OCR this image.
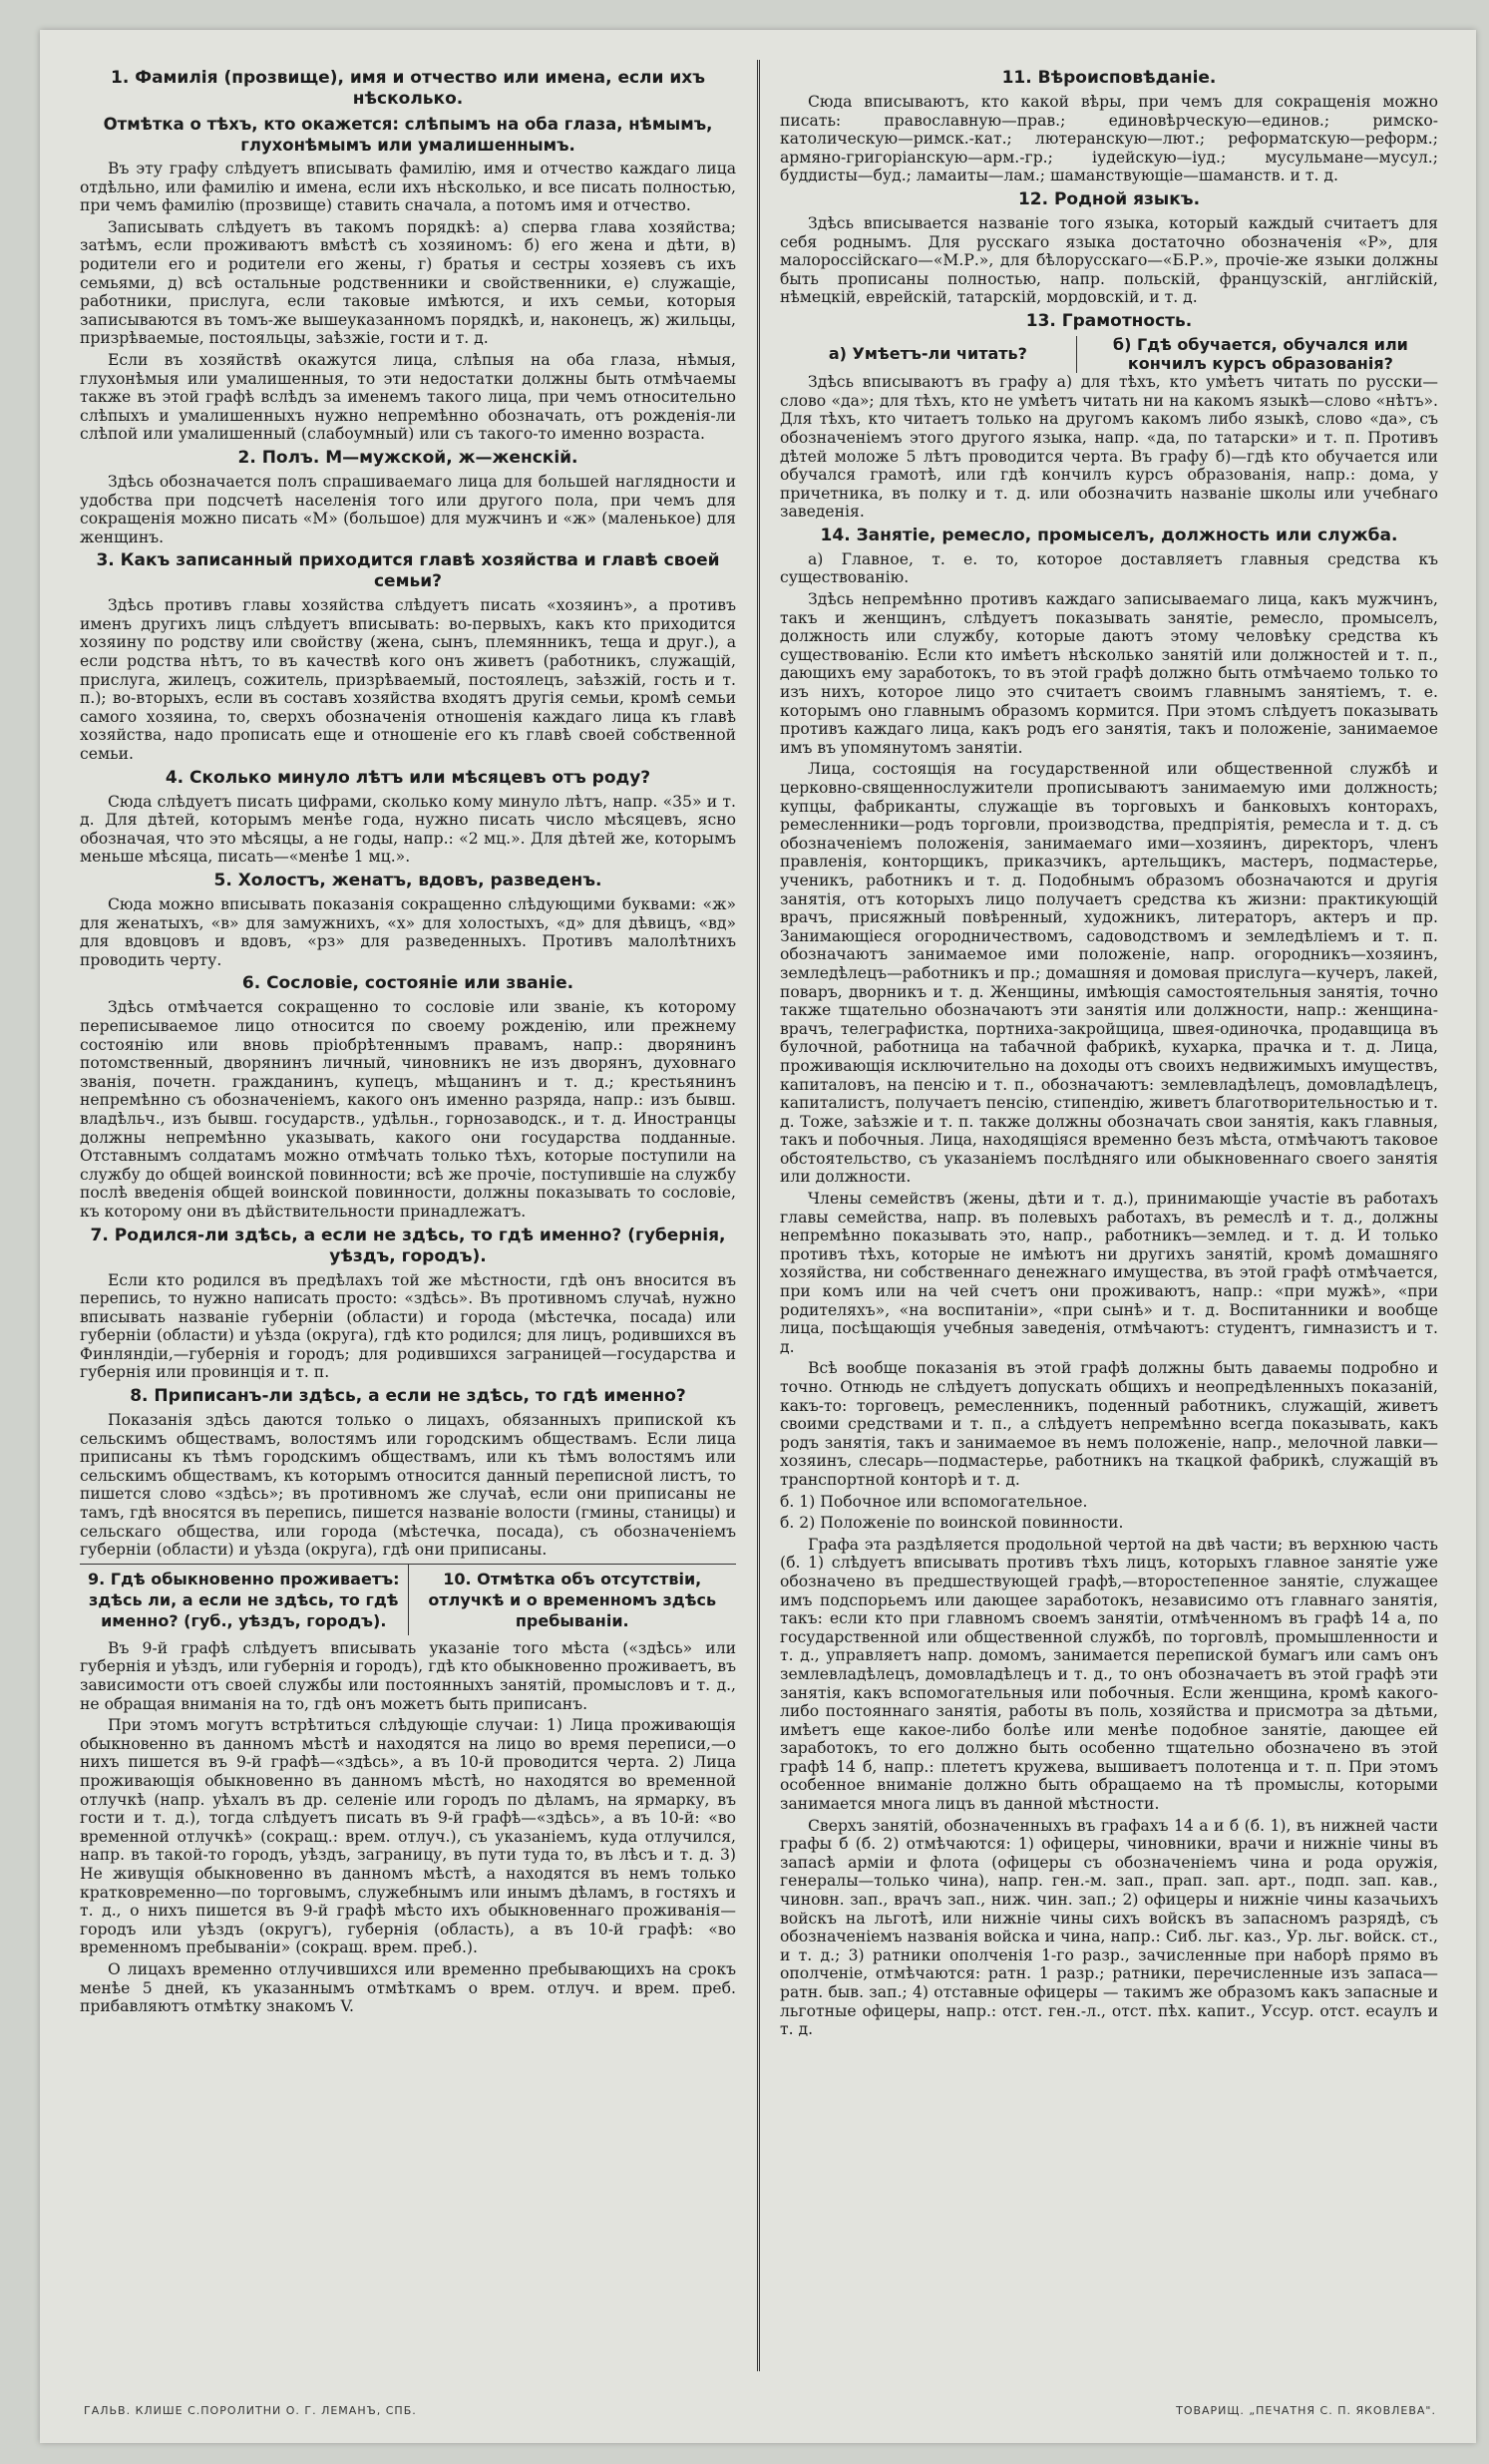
1. Фамилія (прозвище), имя и отчество или имена, если ихъ нѣсколько.
Отмѣтка о тѣхъ, кто окажется: слѣпымъ на оба глаза, нѣмымъ, глухонѣмымъ или умалишеннымъ.

Въ эту графу слѣдуетъ вписывать фамилію, имя и отчество каждаго лица отдѣльно, или фамилію и имена, если ихъ нѣсколько, и все писать полностью, при чемъ фамилію (прозвище) ставить сначала, а потомъ имя и отчество.

Записывать слѣдуетъ въ такомъ порядкѣ: а) сперва глава хозяйства; затѣмъ, если проживаютъ вмѣстѣ съ хозяиномъ: б) его жена и дѣти, в) родители его и родители его жены, г) братья и сестры хозяевъ съ ихъ семьями, д) всѣ остальные родственники и свойственники, е) служащіе, работники, прислуга, если таковые имѣются, и ихъ семьи, которыя записываются въ томъ-же вышеуказанномъ порядкѣ, и, наконецъ, ж) жильцы, призрѣваемые, постояльцы, заѣзжіе, гости и т. д.

Если въ хозяйствѣ окажутся лица, слѣпыя на оба глаза, нѣмыя, глухонѣмыя или умалишенныя, то эти недостатки должны быть отмѣчаемы также въ этой графѣ вслѣдъ за именемъ такого лица, при чемъ относительно слѣпыхъ и умалишенныхъ нужно непремѣнно обозначать, отъ рожденія-ли слѣпой или умалишенный (слабоумный) или съ такого-то именно возраста.

2. Полъ. М—мужской, ж—женскій.

Здѣсь обозначается полъ спрашиваемаго лица для большей наглядности и удобства при подсчетѣ населенія того или другого пола, при чемъ для сокращенія можно писать «М» (большое) для мужчинъ и «ж» (маленькое) для женщинъ.

3. Какъ записанный приходится главѣ хозяйства и главѣ своей семьи?

Здѣсь противъ главы хозяйства слѣдуетъ писать «хозяинъ», а противъ именъ другихъ лицъ слѣдуетъ вписывать: во-первыхъ, какъ кто приходится хозяину по родству или свойству (жена, сынъ, племянникъ, теща и друг.), а если родства нѣтъ, то въ качествѣ кого онъ живетъ (работникъ, служащій, прислуга, жилецъ, сожитель, призрѣваемый, постоялецъ, заѣзжій, гость и т. п.); во-вторыхъ, если въ составъ хозяйства входятъ другія семьи, кромѣ семьи самого хозяина, то, сверхъ обозначенія отношенія каждаго лица къ главѣ хозяйства, надо прописать еще и отношеніе его къ главѣ своей собственной семьи.

4. Сколько минуло лѣтъ или мѣсяцевъ отъ роду?

Сюда слѣдуетъ писать цифрами, сколько кому минуло лѣтъ, напр. «35» и т. д. Для дѣтей, которымъ менѣе года, нужно писать число мѣсяцевъ, ясно обозначая, что это мѣсяцы, а не годы, напр.: «2 мц.». Для дѣтей же, которымъ меньше мѣсяца, писать—«менѣе 1 мц.».

5. Холостъ, женатъ, вдовъ, разведенъ.

Сюда можно вписывать показанія сокращенно слѣдующими буквами: «ж» для женатыхъ, «в» для замужнихъ, «х» для холостыхъ, «д» для дѣвицъ, «вд» для вдовцовъ и вдовъ, «рз» для разведенныхъ. Противъ малолѣтнихъ проводить черту.

6. Сословіе, состояніе или званіе.

Здѣсь отмѣчается сокращенно то сословіе или званіе, къ которому переписываемое лицо относится по своему рожденію, или прежнему состоянію или вновь пріобрѣтеннымъ правамъ, напр.: дворянинъ потомственный, дворянинъ личный, чиновникъ не изъ дворянъ, духовнаго званія, почетн. гражданинъ, купецъ, мѣщанинъ и т. д.; крестьянинъ непремѣнно съ обозначеніемъ, какого онъ именно разряда, напр.: изъ бывш. владѣльч., изъ бывш. государств., удѣльн., горнозаводск., и т. д. Иностранцы должны непремѣнно указывать, какого они государства подданные. Отставнымъ солдатамъ можно отмѣчать только тѣхъ, которые поступили на службу до общей воинской повинности; всѣ же прочіе, поступившіе на службу послѣ введенія общей воинской повинности, должны показывать то сословіе, къ которому они въ дѣйствительности принадлежатъ.

7. Родился-ли здѣсь, а если не здѣсь, то гдѣ именно? (губернія, уѣздъ, городъ).

Если кто родился въ предѣлахъ той же мѣстности, гдѣ онъ вносится въ перепись, то нужно написать просто: «здѣсь». Въ противномъ случаѣ, нужно вписывать названіе губерніи (области) и города (мѣстечка, посада) или губерніи (области) и уѣзда (округа), гдѣ кто родился; для лицъ, родившихся въ Финляндіи,—губернія и городъ; для родившихся заграницей—государства и губернія или провинція и т. п.

8. Приписанъ-ли здѣсь, а если не здѣсь, то гдѣ именно?

Показанія здѣсь даются только о лицахъ, обязанныхъ припиской къ сельскимъ обществамъ, волостямъ или городскимъ обществамъ. Если лица приписаны къ тѣмъ городскимъ обществамъ, или къ тѣмъ волостямъ или сельскимъ обществамъ, къ которымъ относится данный переписной листъ, то пишется слово «здѣсь»; въ противномъ же случаѣ, если они приписаны не тамъ, гдѣ вносятся въ перепись, пишется названіе волости (гмины, станицы) и сельскаго общества, или города (мѣстечка, посада), съ обозначеніемъ губерніи (области) и уѣзда (округа), гдѣ они приписаны.

9. Гдѣ обыкновенно проживаетъ: здѣсь ли, а если не здѣсь, то гдѣ именно? (губ., уѣздъ, городъ).
10. Отмѣтка объ отсутствіи, отлучкѣ и о временномъ здѣсь пребываніи.

Въ 9-й графѣ слѣдуетъ вписывать указаніе того мѣста («здѣсь» или губернія и уѣздъ, или губернія и городъ), гдѣ кто обыкновенно проживаетъ, въ зависимости отъ своей службы или постоянныхъ занятій, промысловъ и т. д., не обращая вниманія на то, гдѣ онъ можетъ быть приписанъ.

При этомъ могутъ встрѣтиться слѣдующіе случаи: 1) Лица проживающія обыкновенно въ данномъ мѣстѣ и находятся на лицо во время переписи,—о нихъ пишется въ 9-й графѣ—«здѣсь», а въ 10-й проводится черта. 2) Лица проживающія обыкновенно въ данномъ мѣстѣ, но находятся во временной отлучкѣ (напр. уѣхалъ въ др. селеніе или городъ по дѣламъ, на ярмарку, въ гости и т. д.), тогда слѣдуетъ писать въ 9-й графѣ—«здѣсь», а въ 10-й: «во временной отлучкѣ» (сокращ.: врем. отлуч.), съ указаніемъ, куда отлучился, напр. въ такой-то городъ, уѣздъ, заграницу, въ пути туда то, въ лѣсъ и т. д. 3) Не живущія обыкновенно въ данномъ мѣстѣ, а находятся въ немъ только кратковременно—по торговымъ, служебнымъ или инымъ дѣламъ, в гостяхъ и т. д., о нихъ пишется въ 9-й графѣ мѣсто ихъ обыкновеннаго проживанія—городъ или уѣздъ (округъ), губернія (область), а въ 10-й графѣ: «во временномъ пребываніи» (сокращ. врем. преб.).

О лицахъ временно отлучившихся или временно пребывающихъ на срокъ менѣе 5 дней, къ указаннымъ отмѣткамъ о врем. отлуч. и врем. преб. прибавляютъ отмѣтку знакомъ V.

11. Вѣроисповѣданіе.

Сюда вписываютъ, кто какой вѣры, при чемъ для сокращенія можно писать: православную—прав.; единовѣрческую—единов.; римско-католическую—римск.-кат.; лютеранскую—лют.; реформатскую—реформ.; армяно-григоріанскую—арм.-гр.; іудейскую—іуд.; мусульмане—мусул.; буддисты—буд.; ламаиты—лам.; шаманствующіе—шаманств. и т. д.

12. Родной языкъ.

Здѣсь вписывается названіе того языка, который каждый считаетъ для себя роднымъ. Для русскаго языка достаточно обозначенія «Р», для малороссійскаго—«М.Р.», для бѣлорусскаго—«Б.Р.», прочіе-же языки должны быть прописаны полностью, напр. польскій, французскій, англійскій, нѣмецкій, еврейскій, татарскій, мордовскій, и т. д.

13. Грамотность.
а) Умѣетъ-ли читать?	б) Гдѣ обучается, обучался или кончилъ курсъ образованія?

Здѣсь вписываютъ въ графу а) для тѣхъ, кто умѣетъ читать по русски—слово «да»; для тѣхъ, кто не умѣетъ читать ни на какомъ языкѣ—слово «нѣтъ». Для тѣхъ, кто читаетъ только на другомъ какомъ либо языкѣ, слово «да», съ обозначеніемъ этого другого языка, напр. «да, по татарски» и т. п. Противъ дѣтей моложе 5 лѣтъ проводится черта. Въ графу б)—гдѣ кто обучается или обучался грамотѣ, или гдѣ кончилъ курсъ образованія, напр.: дома, у причетника, въ полку и т. д. или обозначить названіе школы или учебнаго заведенія.

14. Занятіе, ремесло, промыселъ, должность или служба.

а) Главное, т. е. то, которое доставляетъ главныя средства къ существованію.

Здѣсь непремѣнно противъ каждаго записываемаго лица, какъ мужчинъ, такъ и женщинъ, слѣдуетъ показывать занятіе, ремесло, промыселъ, должность или службу, которые даютъ этому человѣку средства къ существованію. Если кто имѣетъ нѣсколько занятій или должностей и т. п., дающихъ ему заработокъ, то въ этой графѣ должно быть отмѣчаемо только то изъ нихъ, которое лицо это считаетъ своимъ главнымъ занятіемъ, т. е. которымъ оно главнымъ образомъ кормится. При этомъ слѣдуетъ показывать противъ каждаго лица, какъ родъ его занятія, такъ и положеніе, занимаемое имъ въ упомянутомъ занятіи.

Лица, состоящія на государственной или общественной службѣ и церковно-священнослужители прописываютъ занимаемую ими должность; купцы, фабриканты, служащіе въ торговыхъ и банковыхъ конторахъ, ремесленники—родъ торговли, производства, предпріятія, ремесла и т. д. съ обозначеніемъ положенія, занимаемаго ими—хозяинъ, директоръ, членъ правленія, конторщикъ, приказчикъ, артельщикъ, мастеръ, подмастерье, ученикъ, работникъ и т. д. Подобнымъ образомъ обозначаются и другія занятія, отъ которыхъ лицо получаетъ средства къ жизни: практикующій врачъ, присяжный повѣренный, художникъ, литераторъ, актеръ и пр. Занимающіеся огородничествомъ, садоводствомъ и земледѣліемъ и т. п. обозначаютъ занимаемое ими положеніе, напр. огородникъ—хозяинъ, земледѣлецъ—работникъ и пр.; домашняя и домовая прислуга—кучеръ, лакей, поваръ, дворникъ и т. д. Женщины, имѣющія самостоятельныя занятія, точно также тщательно обозначаютъ эти занятія или должности, напр.: женщина-врачъ, телеграфистка, портниха-закройщица, швея-одиночка, продавщица въ булочной, работница на табачной фабрикѣ, кухарка, прачка и т. д. Лица, проживающія исключительно на доходы отъ своихъ недвижимыхъ имуществъ, капиталовъ, на пенсію и т. п., обозначаютъ: землевладѣлецъ, домовладѣлецъ, капиталистъ, получаетъ пенсію, стипендію, живетъ благотворительностью и т. д. Тоже, заѣзжіе и т. п. также должны обозначать свои занятія, какъ главныя, такъ и побочныя. Лица, находящіяся временно безъ мѣста, отмѣчаютъ таковое обстоятельство, съ указаніемъ послѣдняго или обыкновеннаго своего занятія или должности.

Члены семействъ (жены, дѣти и т. д.), принимающіе участіе въ работахъ главы семейства, напр. въ полевыхъ работахъ, въ ремеслѣ и т. д., должны непремѣнно показывать это, напр., работникъ—землед. и т. д. И только противъ тѣхъ, которые не имѣютъ ни другихъ занятій, кромѣ домашняго хозяйства, ни собственнаго денежнаго имущества, въ этой графѣ отмѣчается, при комъ или на чей счетъ они проживаютъ, напр.: «при мужѣ», «при родителяхъ», «на воспитаніи», «при сынѣ» и т. д. Воспитанники и вообще лица, посѣщающія учебныя заведенія, отмѣчаютъ: студентъ, гимназистъ и т. д.

Всѣ вообще показанія въ этой графѣ должны быть даваемы подробно и точно. Отнюдь не слѣдуетъ допускать общихъ и неопредѣленныхъ показаній, какъ-то: торговецъ, ремесленникъ, поденный работникъ, служащій, живетъ своими средствами и т. п., а слѣдуетъ непремѣнно всегда показывать, какъ родъ занятія, такъ и занимаемое въ немъ положеніе, напр., мелочной лавки—хозяинъ, слесарь—подмастерье, работникъ на ткацкой фабрикѣ, служащій въ транспортной конторѣ и т. д.

б. 1) Побочное или вспомогательное.

б. 2) Положеніе по воинской повинности.

Графа эта раздѣляется продольной чертой на двѣ части; въ верхнюю часть (б. 1) слѣдуетъ вписывать противъ тѣхъ лицъ, которыхъ главное занятіе уже обозначено въ предшествующей графѣ,—второстепенное занятіе, служащее имъ подспорьемъ или дающее заработокъ, независимо отъ главнаго занятія, такъ: если кто при главномъ своемъ занятіи, отмѣченномъ въ графѣ 14 а, по государственной или общественной службѣ, по торговлѣ, промышленности и т. д., управляетъ напр. домомъ, занимается перепиской бумагъ или самъ онъ землевладѣлецъ, домовладѣлецъ и т. д., то онъ обозначаетъ въ этой графѣ эти занятія, какъ вспомогательныя или побочныя. Если женщина, кромѣ какого-либо постояннаго занятія, работы въ поль, хозяйства и присмотра за дѣтьми, имѣетъ еще какое-либо болѣе или менѣе подобное занятіе, дающее ей заработокъ, то его должно быть особенно тщательно обозначено въ этой графѣ 14 б, напр.: плететъ кружева, вышиваетъ полотенца и т. п. При этомъ особенное вниманіе должно быть обращаемо на тѣ промыслы, которыми занимается многа лицъ въ данной мѣстности.

Сверхъ занятій, обозначенныхъ въ графахъ 14 а и б (б. 1), въ нижней части графы б (б. 2) отмѣчаются: 1) офицеры, чиновники, врачи и нижніе чины въ запасѣ арміи и флота (офицеры съ обозначеніемъ чина и рода оружія, генералы—только чина), напр. ген.-м. зап., прап. зап. арт., подп. зап. кав., чиновн. зап., врачъ зап., ниж. чин. зап.; 2) офицеры и нижніе чины казачьихъ войскъ на льготѣ, или нижніе чины сихъ войскъ въ запасномъ разрядѣ, съ обозначеніемъ названія войска и чина, напр.: Сиб. льг. каз., Ур. льг. войск. ст., и т. д.; 3) ратники ополченія 1-го разр., зачисленные при наборѣ прямо въ ополченіе, отмѣчаются: ратн. 1 разр.; ратники, перечисленные изъ запаса—ратн. быв. зап.; 4) отставные офицеры — такимъ же образомъ какъ запасные и льготные офицеры, напр.: отст. ген.-л., отст. пѣх. капит., Уссур. отст. есаулъ и т. д.

ГАЛЬВ. КЛИШЕ С.ПОРОЛИТНИ О. Г. ЛЕМАНЪ, СПБ.	ТОВАРИЩ. „ПЕЧАТНЯ С. П. ЯКОВЛЕВА".
